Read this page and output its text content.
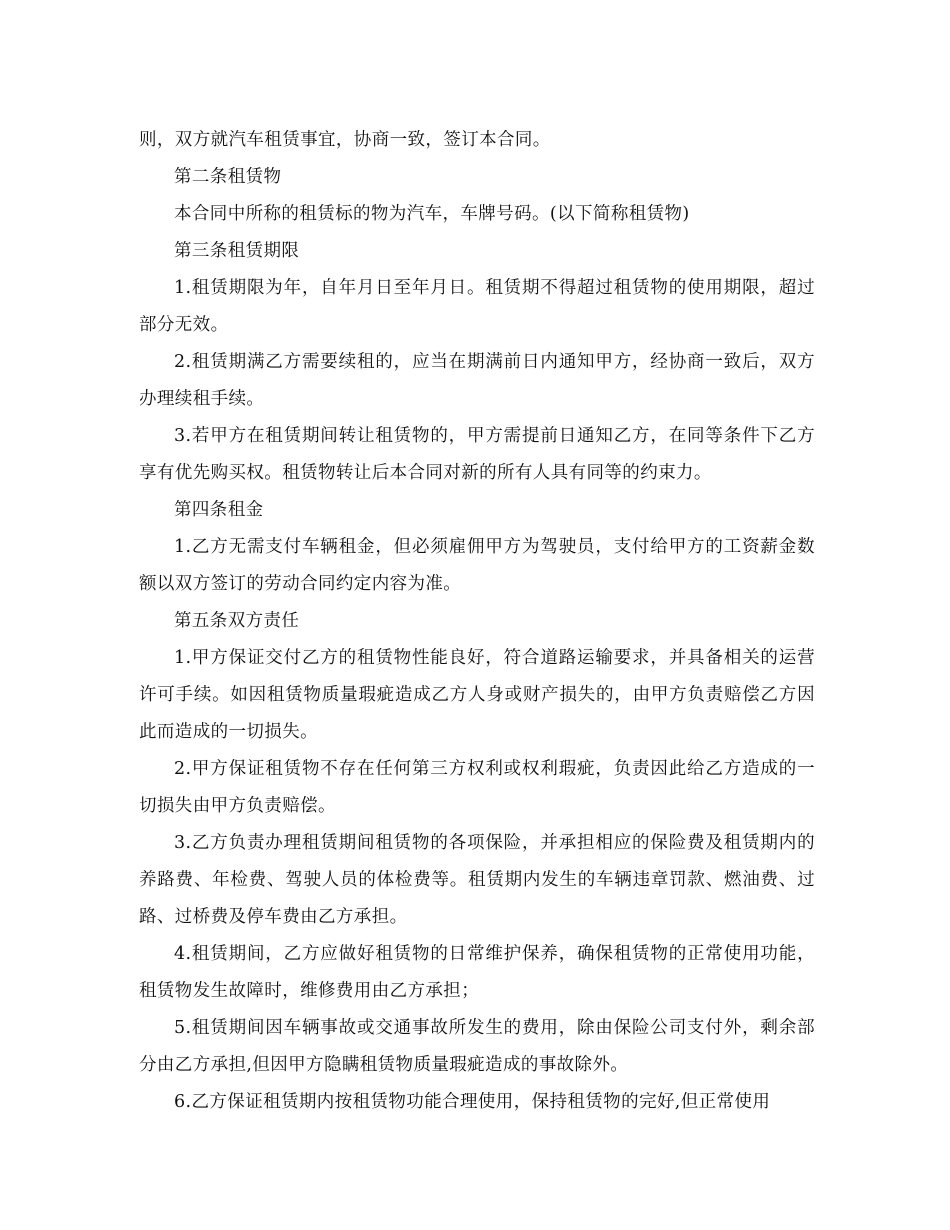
则，双方就汽车租赁事宜，协商一致，签订本合同。

第二条租赁物

本合同中所称的租赁标的物为汽车，车牌号码。(以下简称租赁物)

第三条租赁期限

1.租赁期限为年，自年月日至年月日。租赁期不得超过租赁物的使用期限，超过部分无效。

2.租赁期满乙方需要续租的，应当在期满前日内通知甲方，经协商一致后，双方办理续租手续。

3.若甲方在租赁期间转让租赁物的，甲方需提前日通知乙方，在同等条件下乙方享有优先购买权。租赁物转让后本合同对新的所有人具有同等的约束力。

第四条租金

1.乙方无需支付车辆租金，但必须雇佣甲方为驾驶员，支付给甲方的工资薪金数额以双方签订的劳动合同约定内容为准。

第五条双方责任

1.甲方保证交付乙方的租赁物性能良好，符合道路运输要求，并具备相关的运营许可手续。如因租赁物质量瑕疵造成乙方人身或财产损失的，由甲方负责赔偿乙方因此而造成的一切损失。

2.甲方保证租赁物不存在任何第三方权利或权利瑕疵，负责因此给乙方造成的一切损失由甲方负责赔偿。

3.乙方负责办理租赁期间租赁物的各项保险，并承担相应的保险费及租赁期内的养路费、年检费、驾驶人员的体检费等。租赁期内发生的车辆违章罚款、燃油费、过路、过桥费及停车费由乙方承担。

4.租赁期间，乙方应做好租赁物的日常维护保养，确保租赁物的正常使用功能，租赁物发生故障时，维修费用由乙方承担；

5.租赁期间因车辆事故或交通事故所发生的费用，除由保险公司支付外，剩余部分由乙方承担,但因甲方隐瞒租赁物质量瑕疵造成的事故除外。

6.乙方保证租赁期内按租赁物功能合理使用，保持租赁物的完好,但正常使用
